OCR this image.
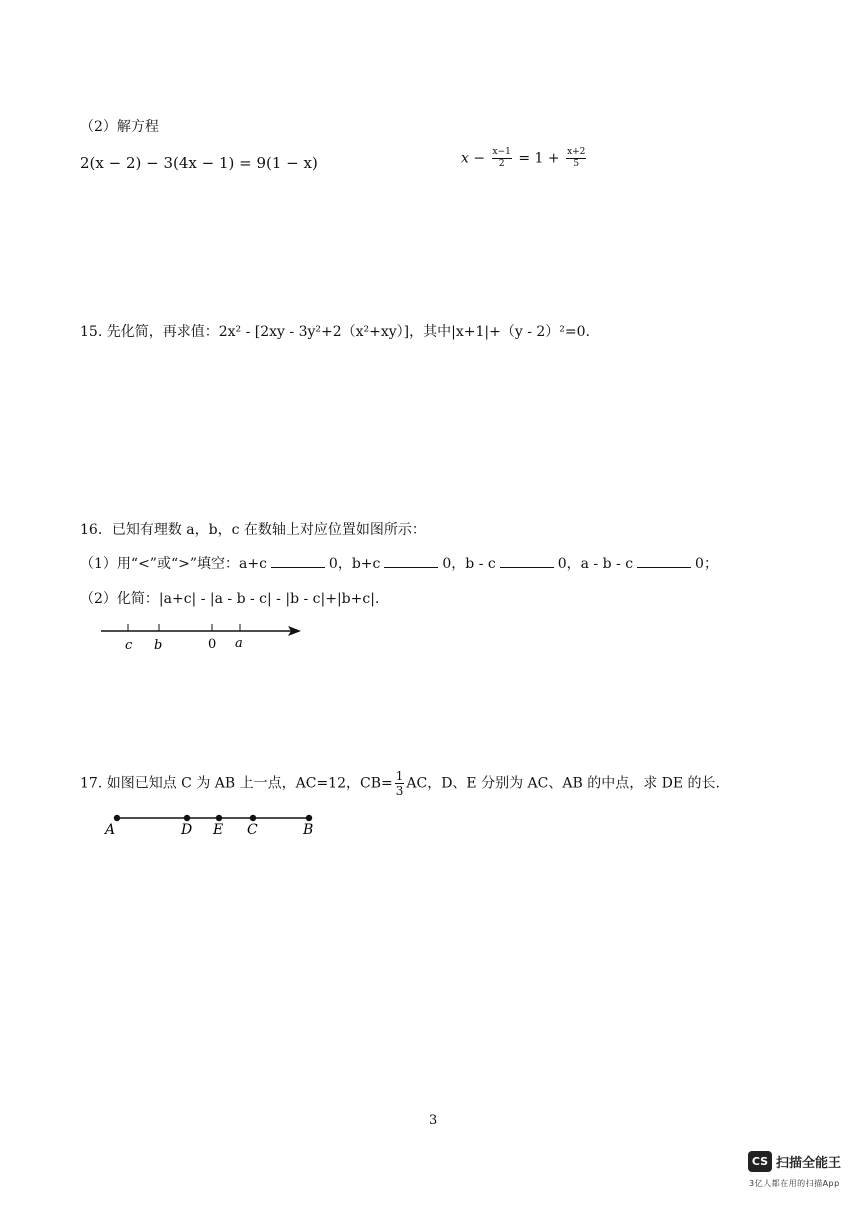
（2）解方程
2(x − 2) − 3(4x − 1) = 9(1 − x)	$x - \frac{x-1}{2} = 1 + \frac{x+2}{5}$
15. 先化简，再求值：2x² - [2xy - 3y²+2（x²+xy）]，其中|x+1|+（y - 2）²=0.
16．已知有理数 a，b，c 在数轴上对应位置如图所示：
（1）用“<”或“>”填空：a+c	0，b+c	0，b - c	0，a - b - c	0；
（2）化简：|a+c| - |a - b - c| - |b - c|+|b+c|.
c b	0 a
17. 如图已知点 C 为 AB 上一点，AC=12，$CB= \frac{1}{3}$ AC，D、E 分别为 AC、AB 的中点，求 DE 的长.
A	D E C	B
3
CS 扫描全能王
3亿人都在用的扫描App
